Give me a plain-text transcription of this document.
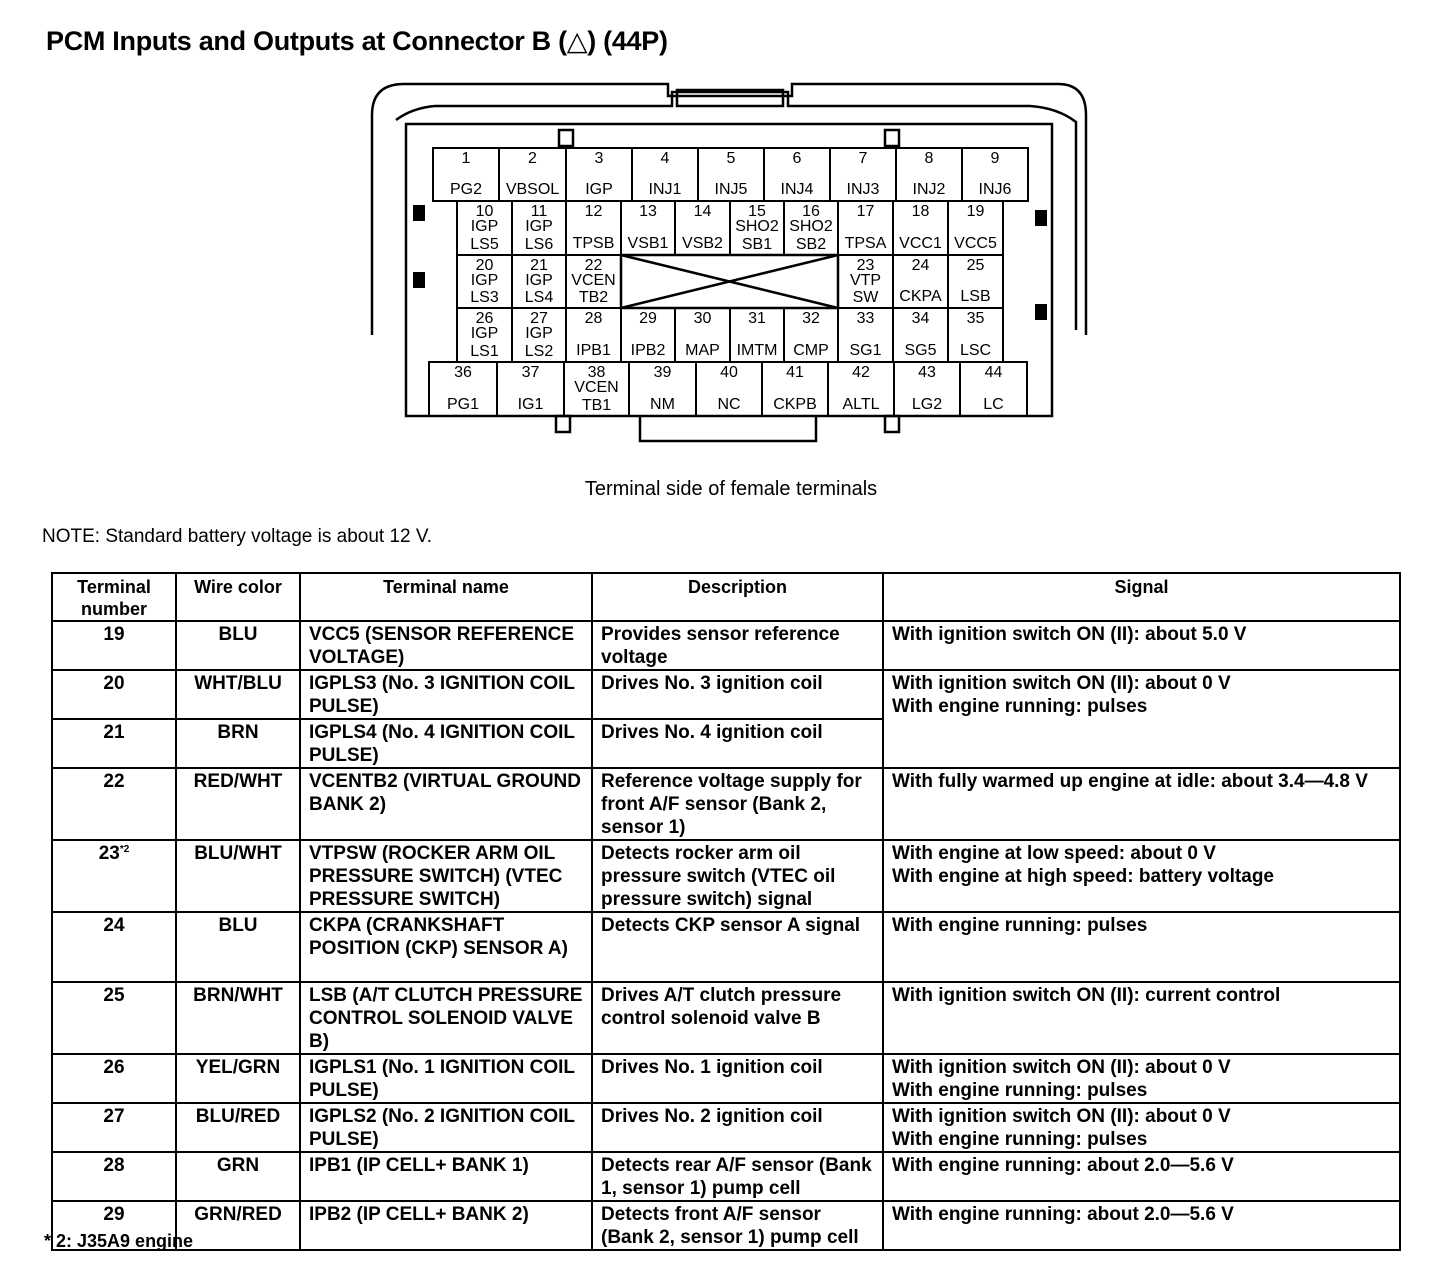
PCM Inputs and Outputs at Connector B (△) (44P)
1
PG2
2
VBSOL
3
IGP
4
INJ1
5
INJ5
6
INJ4
7
INJ3
8
INJ2
9
INJ6
10
IGP
LS5
11
IGP
LS6
12
TPSB
13
VSB1
14
VSB2
15
SHO2
SB1
16
SHO2
SB2
17
TPSA
18
VCC1
19
VCC5
20
IGP
LS3
21
IGP
LS4
22
VCEN
TB2
23
VTP
SW
24
CKPA
25
LSB
26
IGP
LS1
27
IGP
LS2
28
IPB1
29
IPB2
30
MAP
31
IMTM
32
CMP
33
SG1
34
SG5
35
LSC
36
PG1
37
IG1
38
VCEN
TB1
39
NM
40
NC
41
CKPB
42
ALTL
43
LG2
44
LC

Terminal side of female terminals

NOTE: Standard battery voltage is about 12 V.

Terminal number	Wire color	Terminal name	Description	Signal
19	BLU	VCC5 (SENSOR REFERENCE VOLTAGE)	Provides sensor reference voltage	With ignition switch ON (II): about 5.0 V
20	WHT/BLU	IGPLS3 (No. 3 IGNITION COIL PULSE)	Drives No. 3 ignition coil	With ignition switch ON (II): about 0 V
With engine running: pulses
21	BRN	IGPLS4 (No. 4 IGNITION COIL PULSE)	Drives No. 4 ignition coil	
22	RED/WHT	VCENTB2 (VIRTUAL GROUND BANK 2)	Reference voltage supply for front A/F sensor (Bank 2, sensor 1)	With fully warmed up engine at idle: about 3.4—4.8 V
23$^{*2}$	BLU/WHT	VTPSW (ROCKER ARM OIL PRESSURE SWITCH) (VTEC PRESSURE SWITCH)	Detects rocker arm oil pressure switch (VTEC oil pressure switch) signal	With engine at low speed: about 0 V
With engine at high speed: battery voltage
24	BLU	CKPA (CRANKSHAFT POSITION (CKP) SENSOR A)	Detects CKP sensor A signal	With engine running: pulses
25	BRN/WHT	LSB (A/T CLUTCH PRESSURE CONTROL SOLENOID VALVE B)	Drives A/T clutch pressure control solenoid valve B	With ignition switch ON (II): current control
26	YEL/GRN	IGPLS1 (No. 1 IGNITION COIL PULSE)	Drives No. 1 ignition coil	With ignition switch ON (II): about 0 V
With engine running: pulses
27	BLU/RED	IGPLS2 (No. 2 IGNITION COIL PULSE)	Drives No. 2 ignition coil	With ignition switch ON (II): about 0 V
With engine running: pulses
28	GRN	IPB1 (IP CELL+ BANK 1)	Detects rear A/F sensor (Bank 1, sensor 1) pump cell	With engine running: about 2.0—5.6 V
29	GRN/RED	IPB2 (IP CELL+ BANK 2)	Detects front A/F sensor (Bank 2, sensor 1) pump cell	With engine running: about 2.0—5.6 V

* 2: J35A9 engine
